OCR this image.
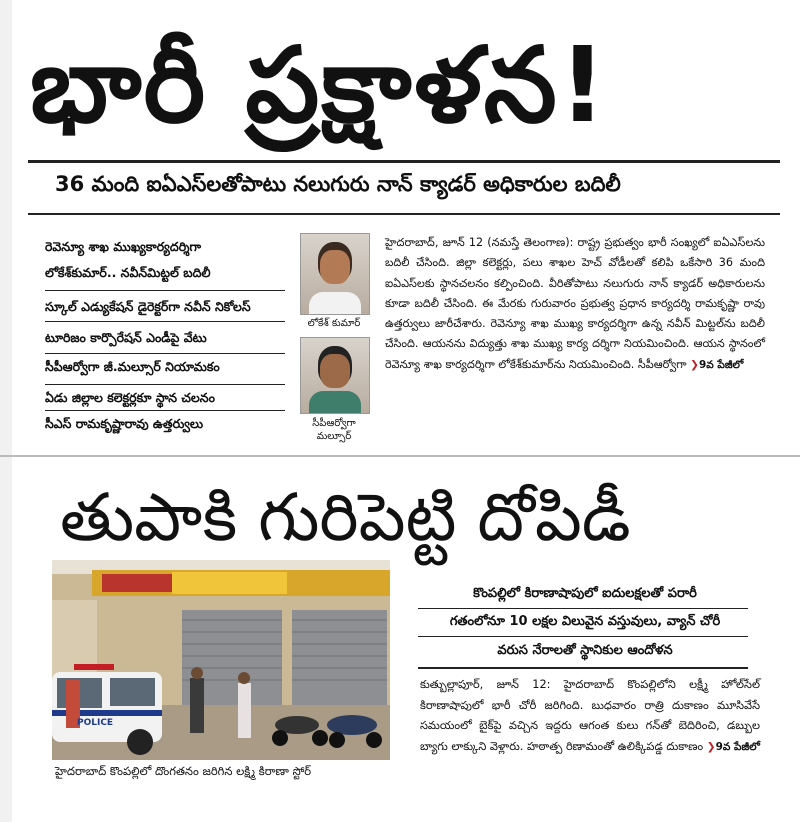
భారీ ప్రక్షాళన!
36 మంది ఐఏఎస్‌లతోపాటు నలుగురు నాన్ క్యాడర్ అధికారుల బదిలీ
రెవెన్యూ శాఖ ముఖ్యకార్యదర్శిగా
లోకేశ్‌కుమార్.. నవీన్‌మిట్టల్ బదిలీ
స్కూల్ ఎడ్యుకేషన్ డైరెక్టర్‌గా నవీన్ నికోలస్
టూరిజం కార్పొరేషన్ ఎండీపై వేటు
సీపీఆర్వోగా జీ.మల్సూర్ నియామకం
ఏడు జిల్లాల కలెక్టర్లకూ స్థాన చలనం
సీఎస్ రామకృష్ణారావు ఉత్తర్వులు
లోకేశ్ కుమార్
సీపీఆర్వోగా
మల్సూర్
హైదరాబాద్, జూన్ 12 (నమస్తే తెలంగాణ): రాష్ట్ర ప్రభుత్వం భారీ సంఖ్యలో ఐఏఎస్‌లను బదిలీ చేసింది. జిల్లా కలెక్టర్లు, పలు శాఖల హెచ్ వోడీలతో కలిపి ఒకేసారి 36 మంది ఐఏఎస్‌లకు స్థానచలనం కల్పించింది. వీరితోపాటు నలుగురు నాన్ క్యాడర్ అధికారులను కూడా బదిలీ చేసింది. ఈ మేరకు గురువారం ప్రభుత్వ ప్రధాన కార్యదర్శి రామకృష్ణా రావు ఉత్తర్వులు జారీచేశారు. రెవెన్యూ శాఖ ముఖ్య కార్యదర్శిగా ఉన్న నవీన్ మిట్టల్‌ను బదిలీ చేసింది. ఆయనను విద్యుత్తు శాఖ ముఖ్య కార్య దర్శిగా నియమించింది. ఆయన స్థానంలో రెవెన్యూ శాఖ కార్యదర్శిగా లోకేశ్‌కుమార్‌ను నియమించింది. సీపీఆర్వోగా ❯9వ పేజీలో
తుపాకి గురిపెట్టి దోపిడీ
POLICE
కొంపల్లిలో కిరాణాషాపులో ఐదులక్షలతో పరారీ
గతంలోనూ 10 లక్షల విలువైన వస్తువులు, వ్యాన్ చోరీ
వరుస నేరాలతో స్థానికుల ఆందోళన
కుత్బుల్లాపూర్, జూన్ 12: హైదరాబాద్ కొంపల్లిలోని లక్ష్మీ హోల్‌సేల్ కిరాణాషాపులో భారీ చోరీ జరిగింది. బుధవారం రాత్రి దుకాణం మూసివేసే సమయంలో బైక్‌పై వచ్చిన ఇద్దరు ఆగంత కులు గన్‌తో బెదిరించి, డబ్బుల బ్యాగు లాక్కుని వెళ్లారు. హఠాత్ప రిణామంతో ఉలిక్కిపడ్డ దుకాణం ❯9వ పేజీలో
హైదరాబాద్ కొంపల్లిలో దొంగతనం జరిగిన లక్ష్మి కిరాణా స్టోర్
